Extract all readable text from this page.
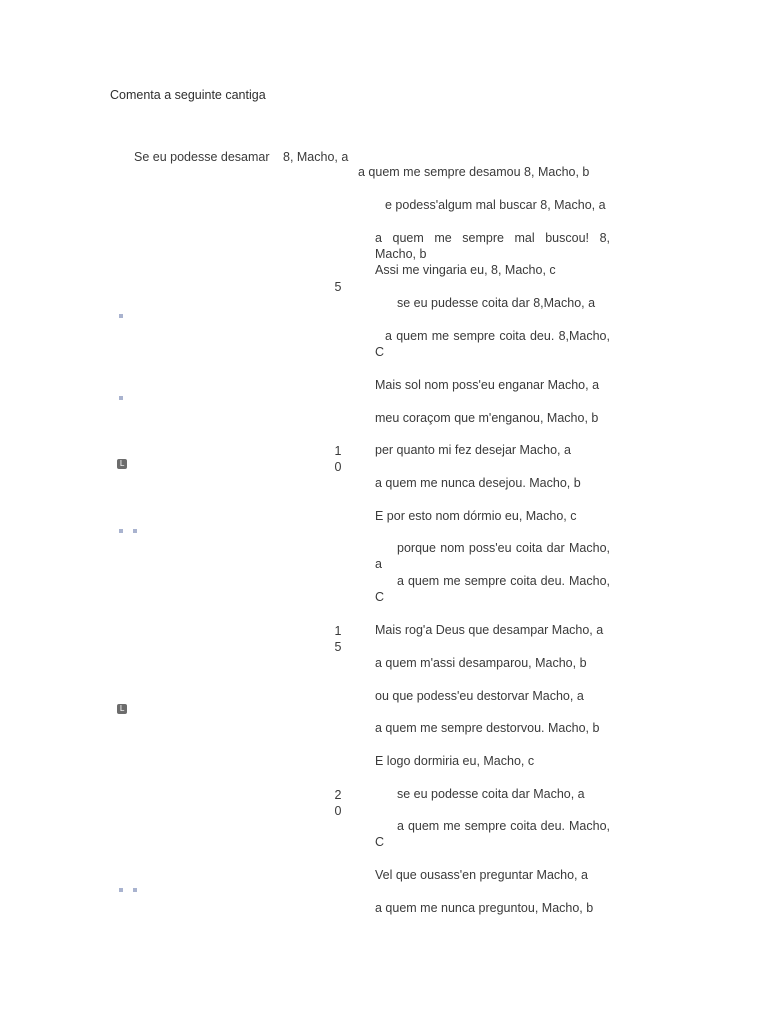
Comenta a seguinte cantiga
Se eu podesse desamar 8, Macho, a
5
1
0
1
5
2
0
L
L
a quem me sempre desamou 8, Macho, b
e podess'algum mal buscar 8, Macho, a
a quem me sempre mal buscou! 8, Macho, b
Assi me vingaria eu, 8, Macho, c
se eu pudesse coita dar 8,Macho, a
a quem me sempre coita deu. 8,Macho, C
Mais sol nom poss'eu enganar Macho, a
meu coraçom que m'enganou, Macho, b
per quanto mi fez desejar Macho, a
a quem me nunca desejou. Macho, b
E por esto nom dórmio eu, Macho, c
porque nom poss'eu coita dar Macho, a
a quem me sempre coita deu. Macho, C
Mais rog'a Deus que desampar Macho, a
a quem m'assi desamparou, Macho, b
ou que podess'eu destorvar Macho, a
a quem me sempre destorvou. Macho, b
E logo dormiria eu, Macho, c
se eu podesse coita dar Macho, a
a quem me sempre coita deu. Macho, C
Vel que ousass'en preguntar Macho, a
a quem me nunca preguntou, Macho, b
